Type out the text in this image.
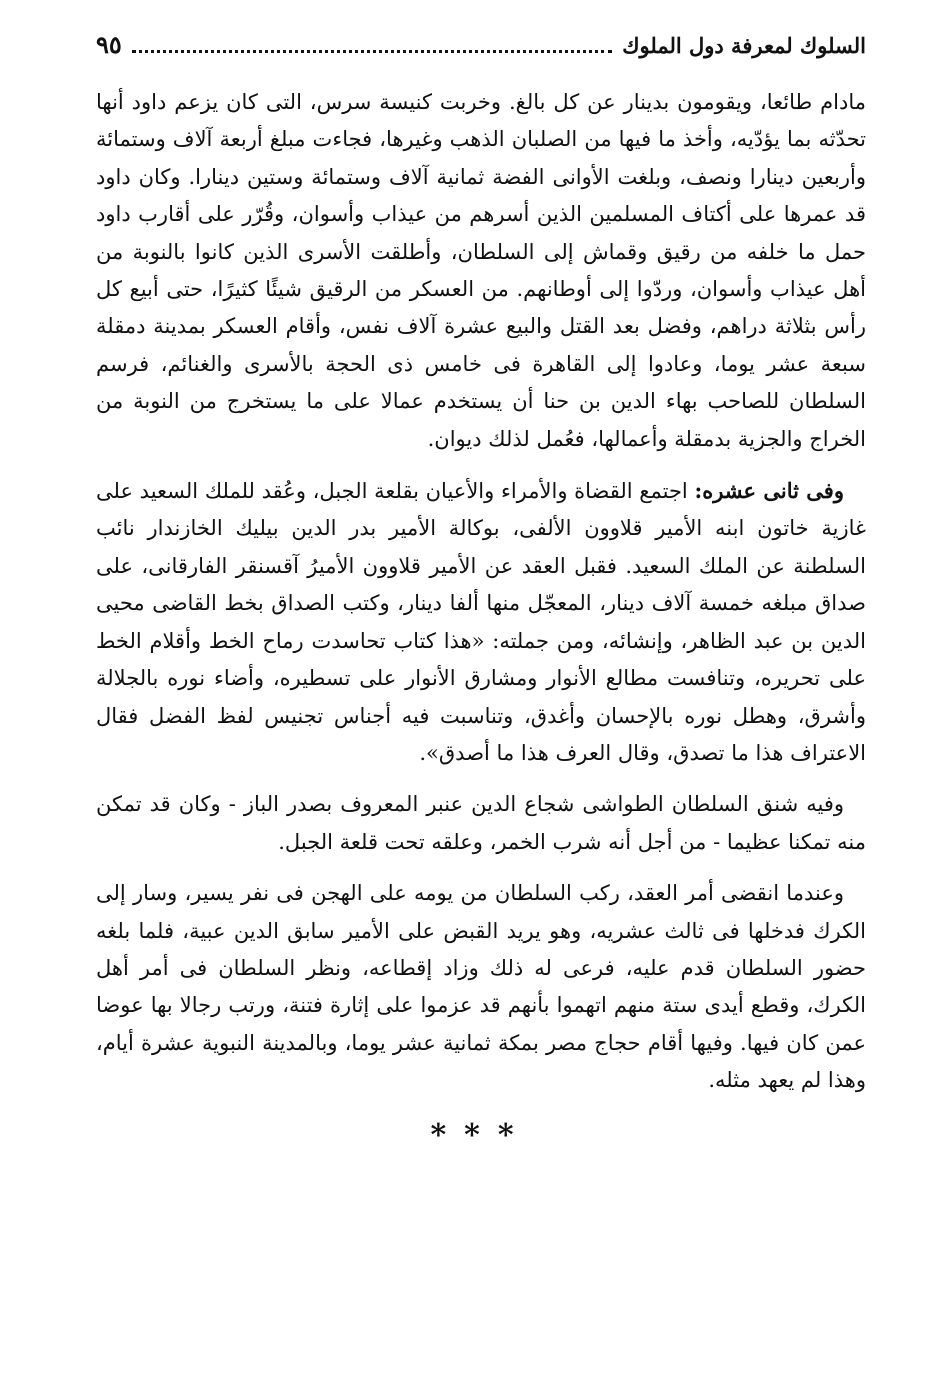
السلوك لمعرفة دول الملوك
٩٥

مادام طائعا، ويقومون بدينار عن كل بالغ. وخربت كنيسة سرس، التى كان يزعم داود أنها تحدّثه بما يؤدّيه، وأخذ ما فيها من الصلبان الذهب وغيرها، فجاءت مبلغ أربعة آلاف وستمائة وأربعين دينارا ونصف، وبلغت الأوانى الفضة ثمانية آلاف وستمائة وستين دينارا. وكان داود قد عمرها على أكتاف المسلمين الذين أسرهم من عيذاب وأسوان، وقُرّر على أقارب داود حمل ما خلفه من رقيق وقماش إلى السلطان، وأطلقت الأسرى الذين كانوا بالنوبة من أهل عيذاب وأسوان، وردّوا إلى أوطانهم. من العسكر من الرقيق شيئًا كثيرًا، حتى أبيع كل رأس بثلاثة دراهم، وفضل بعد القتل والبيع عشرة آلاف نفس، وأقام العسكر بمدينة دمقلة سبعة عشر يوما، وعادوا إلى القاهرة فى خامس ذى الحجة بالأسرى والغنائم، فرسم السلطان للصاحب بهاء الدين بن حنا أن يستخدم عمالا على ما يستخرج من النوبة من الخراج والجزية بدمقلة وأعمالها، فعُمل لذلك ديوان.

وفى ثانى عشره: اجتمع القضاة والأمراء والأعيان بقلعة الجبل، وعُقد للملك السعيد على غازية خاتون ابنه الأمير قلاوون الألفى، بوكالة الأمير بدر الدين بيليك الخازندار نائب السلطنة عن الملك السعيد. فقبل العقد عن الأمير قلاوون الأميرُ آقسنقر الفارقانى، على صداق مبلغه خمسة آلاف دينار، المعجّل منها ألفا دينار، وكتب الصداق بخط القاضى محيى الدين بن عبد الظاهر، وإنشائه، ومن جملته: «هذا كتاب تحاسدت رماح الخط وأقلام الخط على تحريره، وتنافست مطالع الأنوار ومشارق الأنوار على تسطيره، وأضاء نوره بالجلالة وأشرق، وهطل نوره بالإحسان وأغدق، وتناسبت فيه أجناس تجنيس لفظ الفضل فقال الاعتراف هذا ما تصدق، وقال العرف هذا ما أصدق».

وفيه شنق السلطان الطواشى شجاع الدين عنبر المعروف بصدر الباز - وكان قد تمكن منه تمكنا عظيما - من أجل أنه شرب الخمر، وعلقه تحت قلعة الجبل.

وعندما انقضى أمر العقد، ركب السلطان من يومه على الهجن فى نفر يسير، وسار إلى الكرك فدخلها فى ثالث عشريه، وهو يريد القبض على الأمير سابق الدين عبية، فلما بلغه حضور السلطان قدم عليه، فرعى له ذلك وزاد إقطاعه، ونظر السلطان فى أمر أهل الكرك، وقطع أيدى ستة منهم اتهموا بأنهم قد عزموا على إثارة فتنة، ورتب رجالا بها عوضا عمن كان فيها. وفيها أقام حجاج مصر بمكة ثمانية عشر يوما، وبالمدينة النبوية عشرة أيام، وهذا لم يعهد مثله.

***
